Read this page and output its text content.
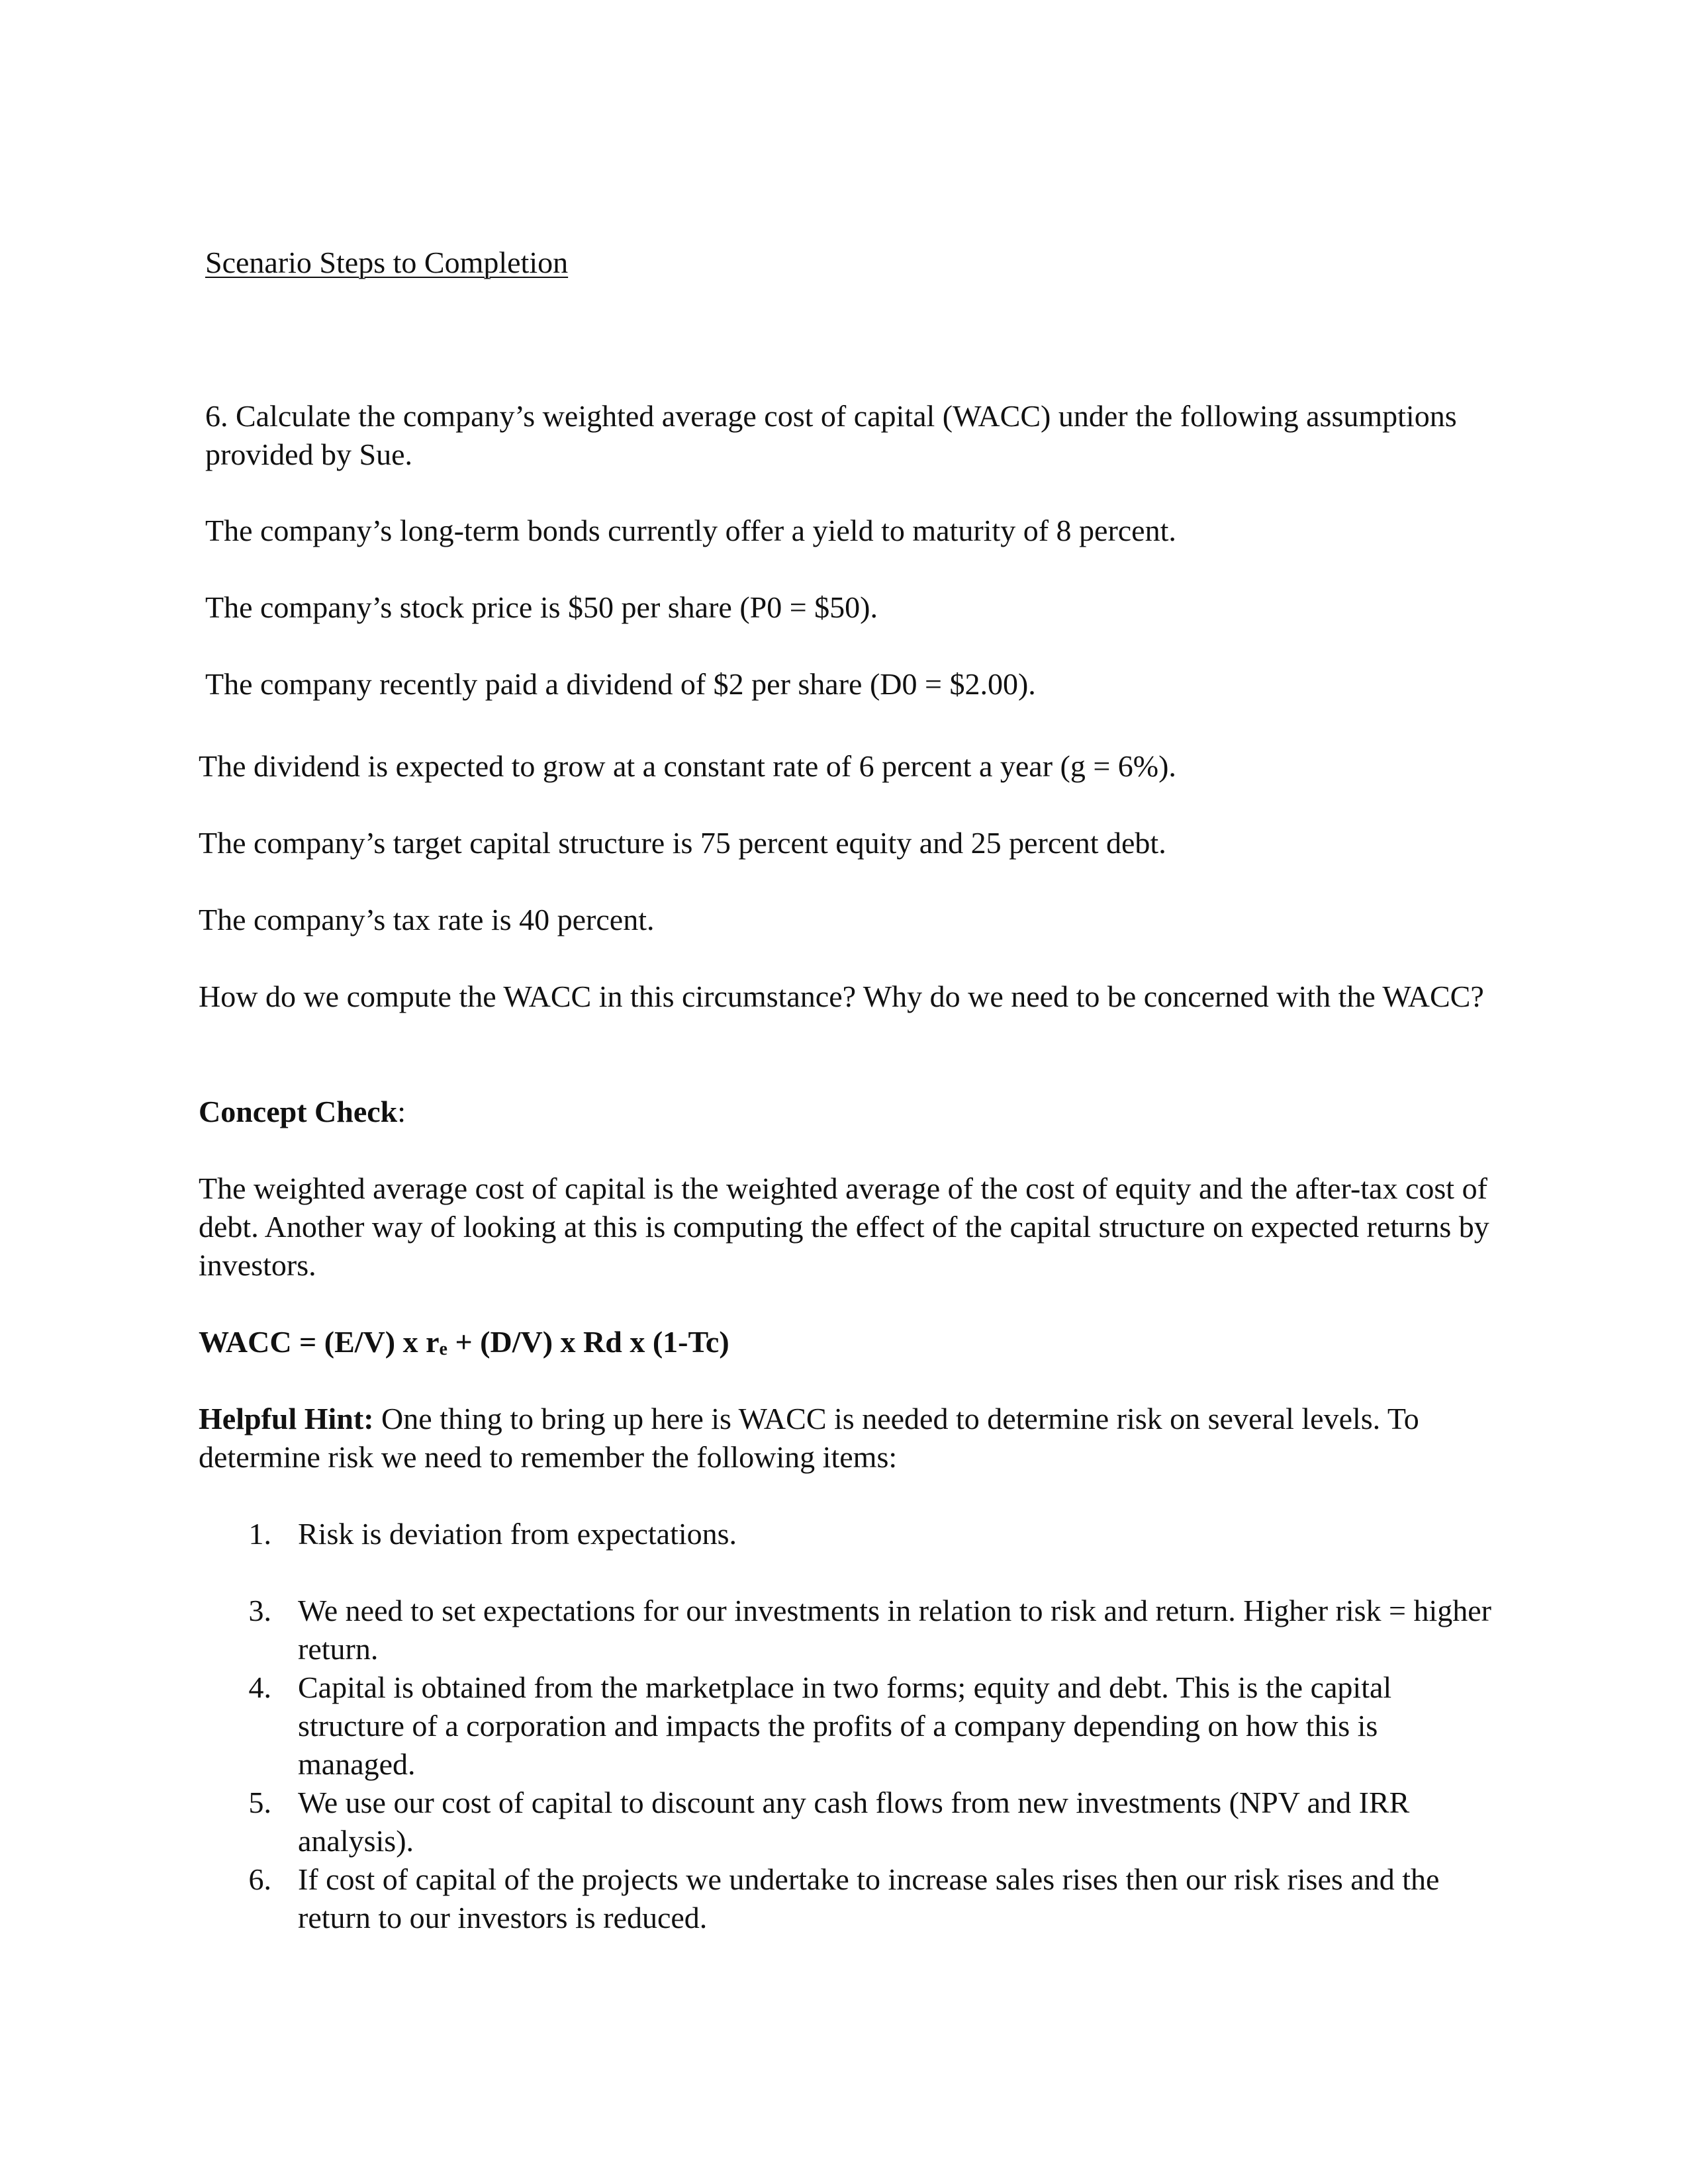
Scenario Steps to Completion

6. Calculate the company’s weighted average cost of capital (WACC) under the following assumptions provided by Sue.

The company’s long-term bonds currently offer a yield to maturity of 8 percent.

The company’s stock price is $50 per share (P0 = $50).

The company recently paid a dividend of $2 per share (D0 = $2.00).

The dividend is expected to grow at a constant rate of 6 percent a year (g = 6%).

The company’s target capital structure is 75 percent equity and 25 percent debt.

The company’s tax rate is 40 percent.

How do we compute the WACC in this circumstance? Why do we need to be concerned with the WACC?

Concept Check:

The weighted average cost of capital is the weighted average of the cost of equity and the after-tax cost of debt. Another way of looking at this is computing the effect of the capital structure on expected returns by investors.

WACC = (E/V) x $r_e + (D/V)$ x Rd x (1-Tc)

Helpful Hint: One thing to bring up here is WACC is needed to determine risk on several levels. To determine risk we need to remember the following items:

1. Risk is deviation from expectations.
3. We need to set expectations for our investments in relation to risk and return. Higher risk = higher return.
4. Capital is obtained from the marketplace in two forms; equity and debt. This is the capital structure of a corporation and impacts the profits of a company depending on how this is managed.
5. We use our cost of capital to discount any cash flows from new investments (NPV and IRR analysis).
6. If cost of capital of the projects we undertake to increase sales rises then our risk rises and the return to our investors is reduced.
